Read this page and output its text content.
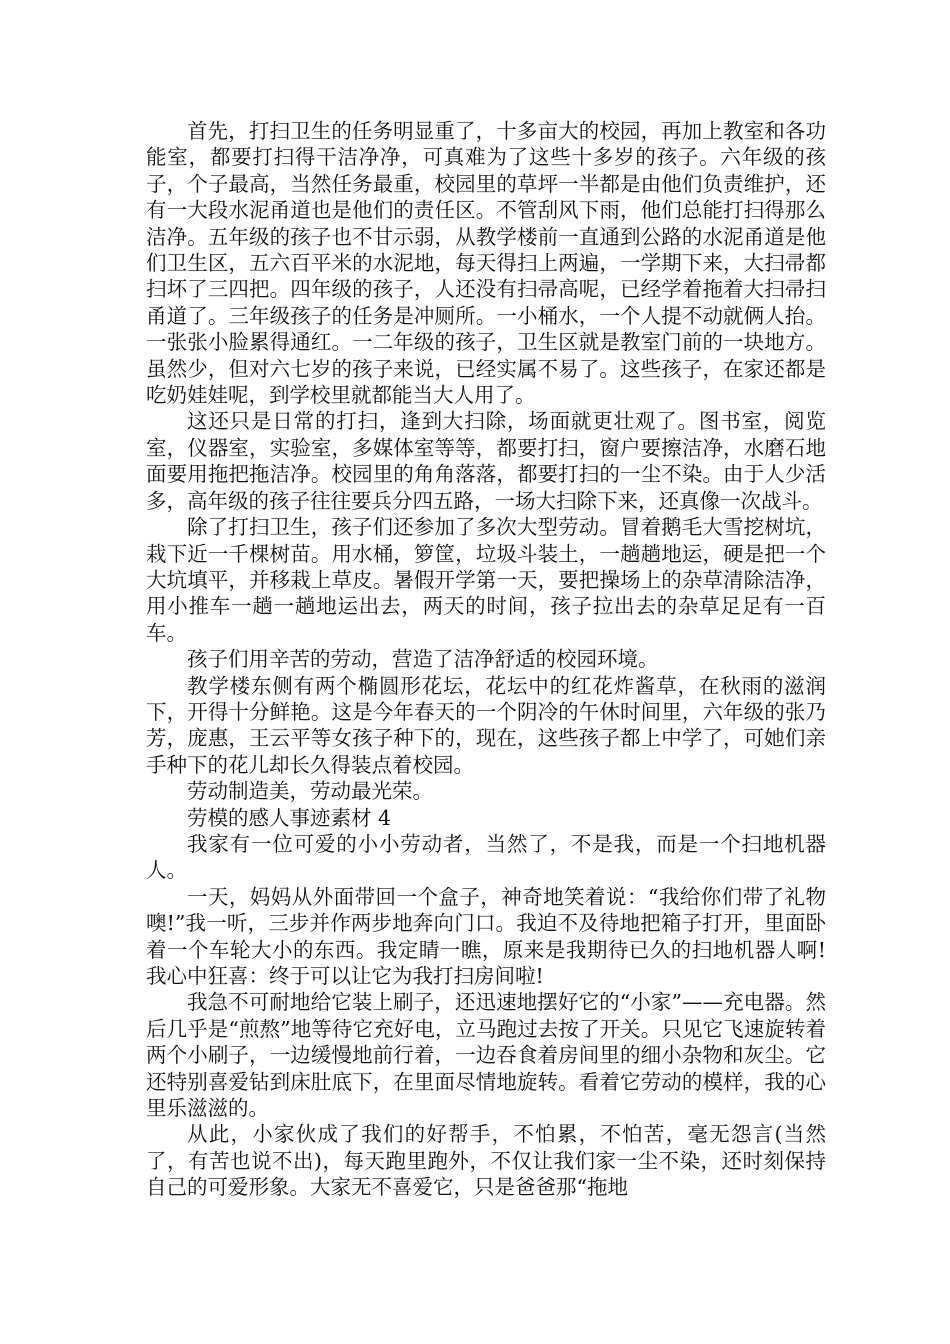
首先，打扫卫生的任务明显重了，十多亩大的校园，再加上教室和各功能室，都要打扫得干洁净净，可真难为了这些十多岁的孩子。六年级的孩子，个子最高，当然任务最重，校园里的草坪一半都是由他们负责维护，还有一大段水泥甬道也是他们的责任区。不管刮风下雨，他们总能打扫得那么洁净。五年级的孩子也不甘示弱，从教学楼前一直通到公路的水泥甬道是他们卫生区，五六百平米的水泥地，每天得扫上两遍，一学期下来，大扫帚都扫坏了三四把。四年级的孩子，人还没有扫帚高呢，已经学着拖着大扫帚扫甬道了。三年级孩子的任务是冲厕所。一小桶水，一个人提不动就俩人抬。一张张小脸累得通红。一二年级的孩子，卫生区就是教室门前的一块地方。虽然少，但对六七岁的孩子来说，已经实属不易了。这些孩子，在家还都是吃奶娃娃呢，到学校里就都能当大人用了。
这还只是日常的打扫，逢到大扫除，场面就更壮观了。图书室，阅览室，仪器室，实验室，多媒体室等等，都要打扫，窗户要擦洁净，水磨石地面要用拖把拖洁净。校园里的角角落落，都要打扫的一尘不染。由于人少活多，高年级的孩子往往要兵分四五路，一场大扫除下来，还真像一次战斗。
除了打扫卫生，孩子们还参加了多次大型劳动。冒着鹅毛大雪挖树坑，栽下近一千棵树苗。用水桶，箩筐，垃圾斗装土，一趟趟地运，硬是把一个大坑填平，并移栽上草皮。暑假开学第一天，要把操场上的杂草清除洁净，用小推车一趟一趟地运出去，两天的时间，孩子拉出去的杂草足足有一百车。
孩子们用辛苦的劳动，营造了洁净舒适的校园环境。
教学楼东侧有两个椭圆形花坛，花坛中的红花炸酱草，在秋雨的滋润下，开得十分鲜艳。这是今年春天的一个阴冷的午休时间里，六年级的张乃芳，庞惠，王云平等女孩子种下的，现在，这些孩子都上中学了，可她们亲手种下的花儿却长久得装点着校园。
劳动制造美，劳动最光荣。
劳模的感人事迹素材 4
我家有一位可爱的小小劳动者，当然了，不是我，而是一个扫地机器人。
一天，妈妈从外面带回一个盒子，神奇地笑着说：“我给你们带了礼物噢!”我一听，三步并作两步地奔向门口。我迫不及待地把箱子打开，里面卧着一个车轮大小的东西。我定睛一瞧，原来是我期待已久的扫地机器人啊!我心中狂喜：终于可以让它为我打扫房间啦!
我急不可耐地给它装上刷子，还迅速地摆好它的“小家”——充电器。然后几乎是“煎熬”地等待它充好电，立马跑过去按了开关。只见它飞速旋转着两个小刷子，一边缓慢地前行着，一边吞食着房间里的细小杂物和灰尘。它还特别喜爱钻到床肚底下，在里面尽情地旋转。看着它劳动的模样，我的心里乐滋滋的。
从此，小家伙成了我们的好帮手，不怕累，不怕苦，毫无怨言(当然了，有苦也说不出)，每天跑里跑外，不仅让我们家一尘不染，还时刻保持自己的可爱形象。大家无不喜爱它，只是爸爸那“拖地
